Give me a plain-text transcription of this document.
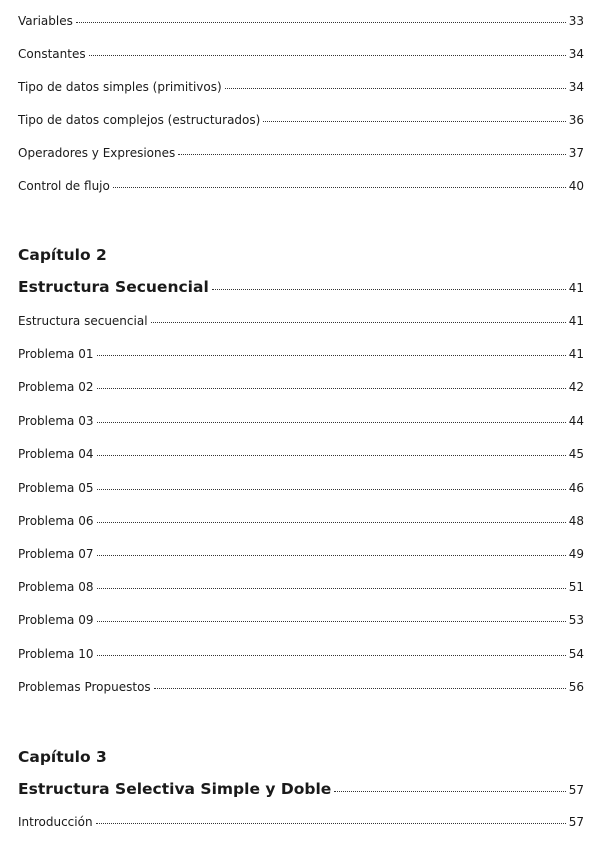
Variables	33
Constantes	34
Tipo de datos simples (primitivos)	34
Tipo de datos complejos (estructurados)	36
Operadores y Expresiones	37
Control de flujo	40
Capítulo 2
Estructura Secuencial	41
Estructura secuencial	41
Problema 01	41
Problema 02	42
Problema 03	44
Problema 04	45
Problema 05	46
Problema 06	48
Problema 07	49
Problema 08	51
Problema 09	53
Problema 10	54
Problemas Propuestos	56
Capítulo 3
Estructura Selectiva Simple y Doble	57
Introducción	57
